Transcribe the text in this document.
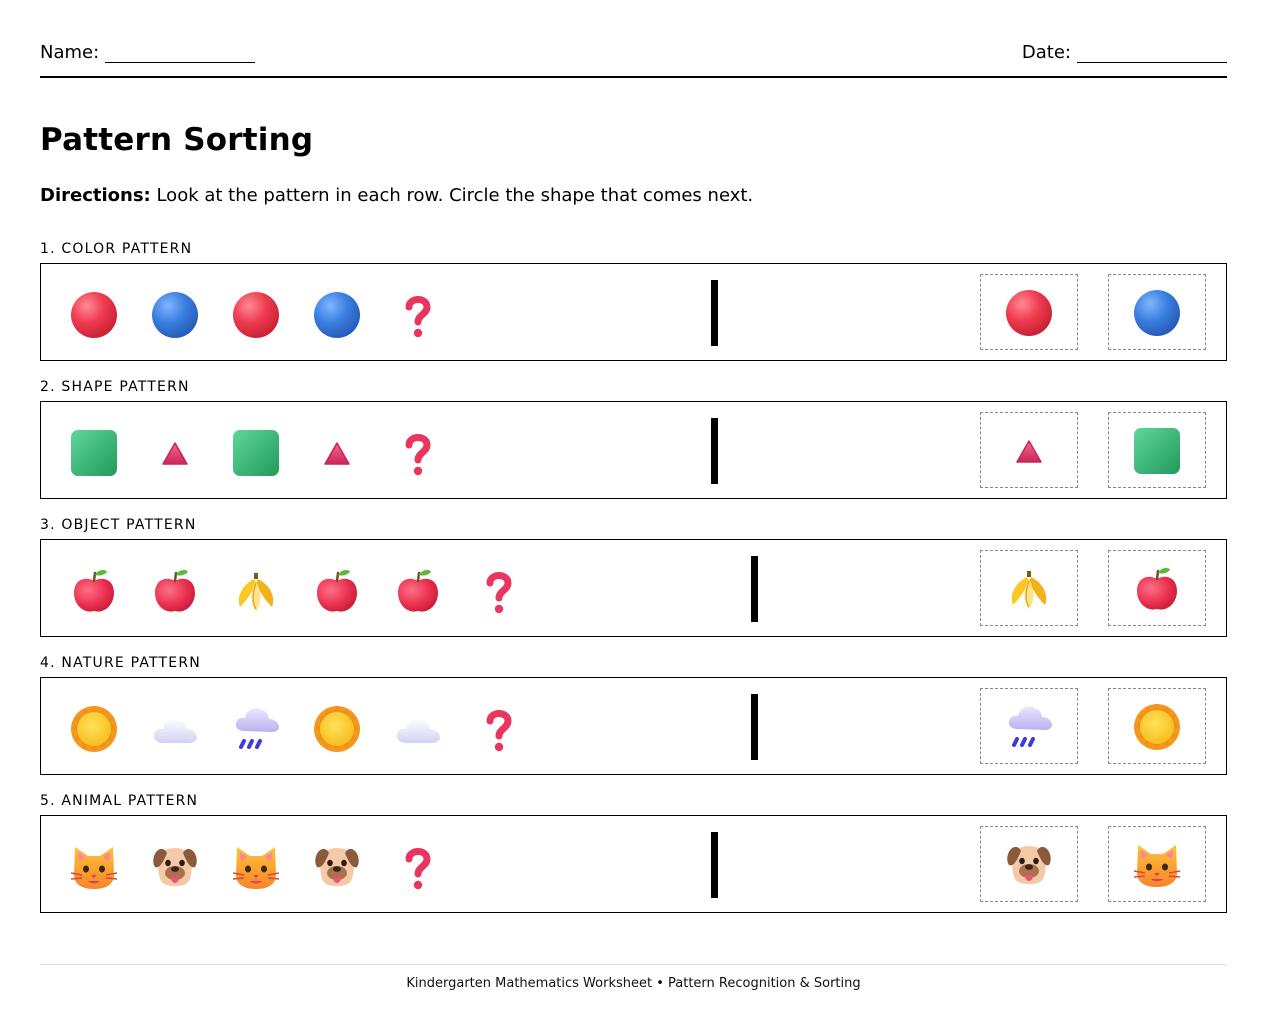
Name:	Date:
Pattern Sorting
Directions: Look at the pattern in each row. Circle the shape that comes next.
1. COLOR PATTERN
2. SHAPE PATTERN
3. OBJECT PATTERN
4. NATURE PATTERN
5. ANIMAL PATTERN
Kindergarten Mathematics Worksheet • Pattern Recognition & Sorting
